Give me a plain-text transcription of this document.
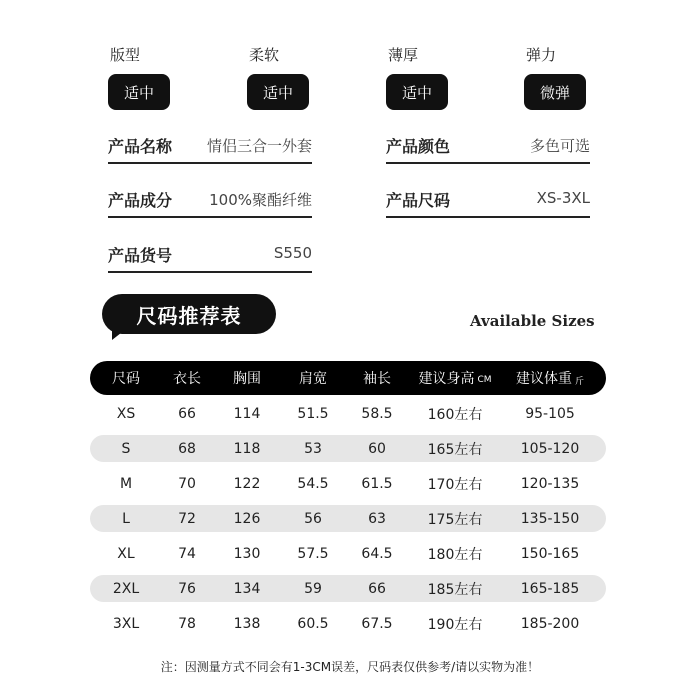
版型	柔软	薄厚	弹力
适中	适中	适中	微弹
产品名称 情侣三合一外套	产品颜色	多色可选
产品成分 100%聚酯纤维	产品尺码	XS-3XL
产品货号	S550
尺码推荐表	Available Sizes
尺码 衣长 胸围	肩宽	袖长 建议身高 CM 建议体重 斤
XS	66	114	51.5 58.5	160左右	95-105
S	68	118	53	60	165左右	105-120
M	70	122	54.5 61.5	170左右	120-135
L	72	126	56	63	175左右	135-150
XL	74	130	57.5 64.5	180左右	150-165
2XL	76	134	59	66	185左右	165-185
3XL	78	138	60.5 67.5	190左右	185-200
注：因测量方式不同会有1-3CM误差，尺码表仅供参考/请以实物为准！
